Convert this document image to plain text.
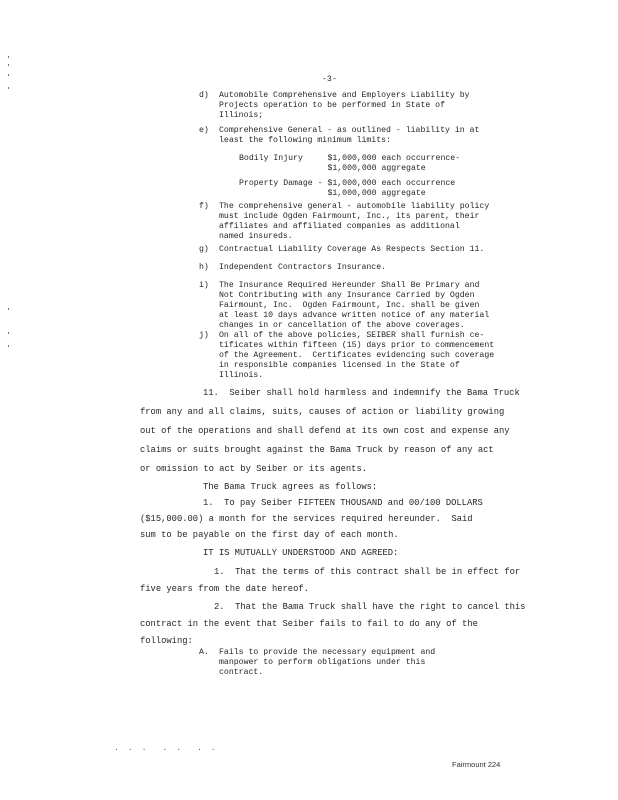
-3-
d) Automobile Comprehensive and Employers Liability by
Projects operation to be performed in State of
Illinois;
e) Comprehensive General - as outlined - liability in at
least the following minimum limits:
Bodily Injury     $1,000,000 each occurrence-
$1,000,000 aggregate
Property Damage - $1,000,000 each occurrence
$1,000,000 aggregate
f) The comprehensive general - automobile liability policy
must include Ogden Fairmount, Inc., its parent, their
affiliates and affiliated companies as additional
named insureds.
g) Contractual Liability Coverage As Respects Section 11.
h) Independent Contractors Insurance.
i) The Insurance Required Hereunder Shall Be Primary and
Not Contributing with any Insurance Carried by Ogden
Fairmount, Inc.  Ogden Fairmount, Inc. shall be given
at least 10 days advance written notice of any material
changes in or cancellation of the above coverages.
j) On all of the above policies, SEIBER shall furnish ce-
tificates within fifteen (15) days prior to commencement
of the Agreement.  Certificates evidencing such coverage
in responsible companies licensed in the State of
Illinois.
11.  Seiber shall hold harmless and indemnify the Bama Truck
from any and all claims, suits, causes of action or liability growing
out of the operations and shall defend at its own cost and expense any
claims or suits brought against the Bama Truck by reason of any act
or omission to act by Seiber or its agents.
The Bama Truck agrees as follows:
1.  To pay Seiber FIFTEEN THOUSAND and 00/100 DOLLARS
($15,000.00) a month for the services required hereunder.  Said
sum to be payable on the first day of each month.
IT IS MUTUALLY UNDERSTOOD AND AGREED:
1.  That the terms of this contract shall be in effect for
five years from the date hereof.
2.  That the Bama Truck shall have the right to cancel this
contract in the event that Seiber fails to fail to do any of the
following:
A. Fails to provide the necessary equipment and
manpower to perform obligations under this
contract.
. . .  . .  . .
Fairmount 224
